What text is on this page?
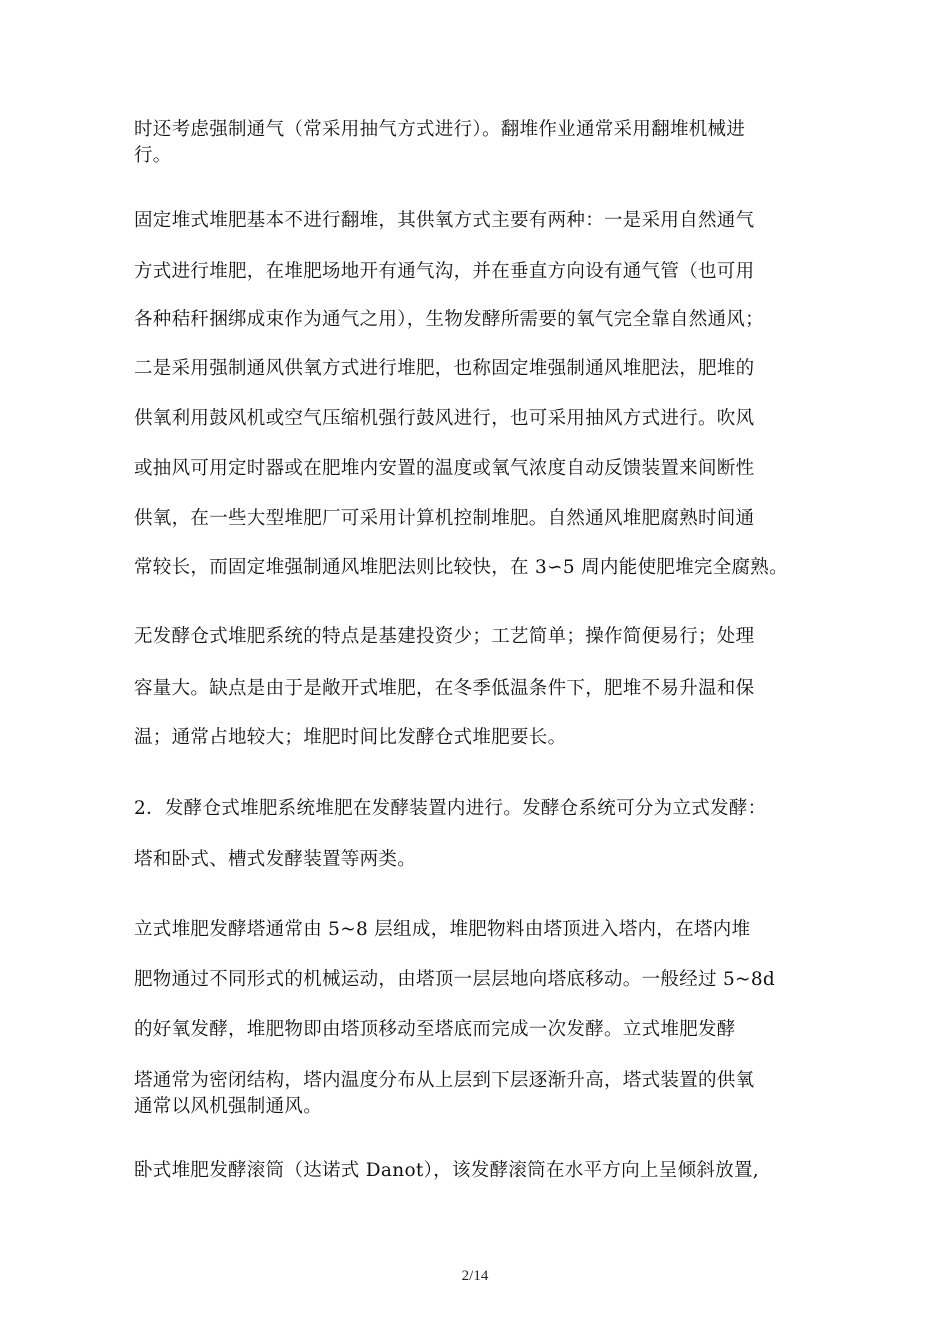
时还考虑强制通气（常采用抽气方式进行）。翻堆作业通常采用翻堆机械进
行。
固定堆式堆肥基本不进行翻堆，其供氧方式主要有两种：一是采用自然通气
方式进行堆肥，在堆肥场地开有通气沟，并在垂直方向设有通气管（也可用
各种秸秆捆绑成束作为通气之用），生物发酵所需要的氧气完全靠自然通风；
二是采用强制通风供氧方式进行堆肥，也称固定堆强制通风堆肥法，肥堆的
供氧利用鼓风机或空气压缩机强行鼓风进行，也可采用抽风方式进行。吹风
或抽风可用定时器或在肥堆内安置的温度或氧气浓度自动反馈装置来间断性
供氧，在一些大型堆肥厂可采用计算机控制堆肥。自然通风堆肥腐熟时间通
常较长，而固定堆强制通风堆肥法则比较快，在 3∽5 周内能使肥堆完全腐熟。
无发酵仓式堆肥系统的特点是基建投资少；工艺简单；操作简便易行；处理
容量大。缺点是由于是敞开式堆肥，在冬季低温条件下，肥堆不易升温和保
温；通常占地较大；堆肥时间比发酵仓式堆肥要长。
2．发酵仓式堆肥系统堆肥在发酵装置内进行。发酵仓系统可分为立式发酵：
塔和卧式、槽式发酵装置等两类。
立式堆肥发酵塔通常由 5~8 层组成，堆肥物料由塔顶进入塔内，在塔内堆
肥物通过不同形式的机械运动，由塔顶一层层地向塔底移动。一般经过 5~8d
的好氧发酵，堆肥物即由塔顶移动至塔底而完成一次发酵。立式堆肥发酵
塔通常为密闭结构，塔内温度分布从上层到下层逐渐升高，塔式装置的供氧
通常以风机强制通风。
卧式堆肥发酵滚筒（达诺式 Danot），该发酵滚筒在水平方向上呈倾斜放置,
2/14
